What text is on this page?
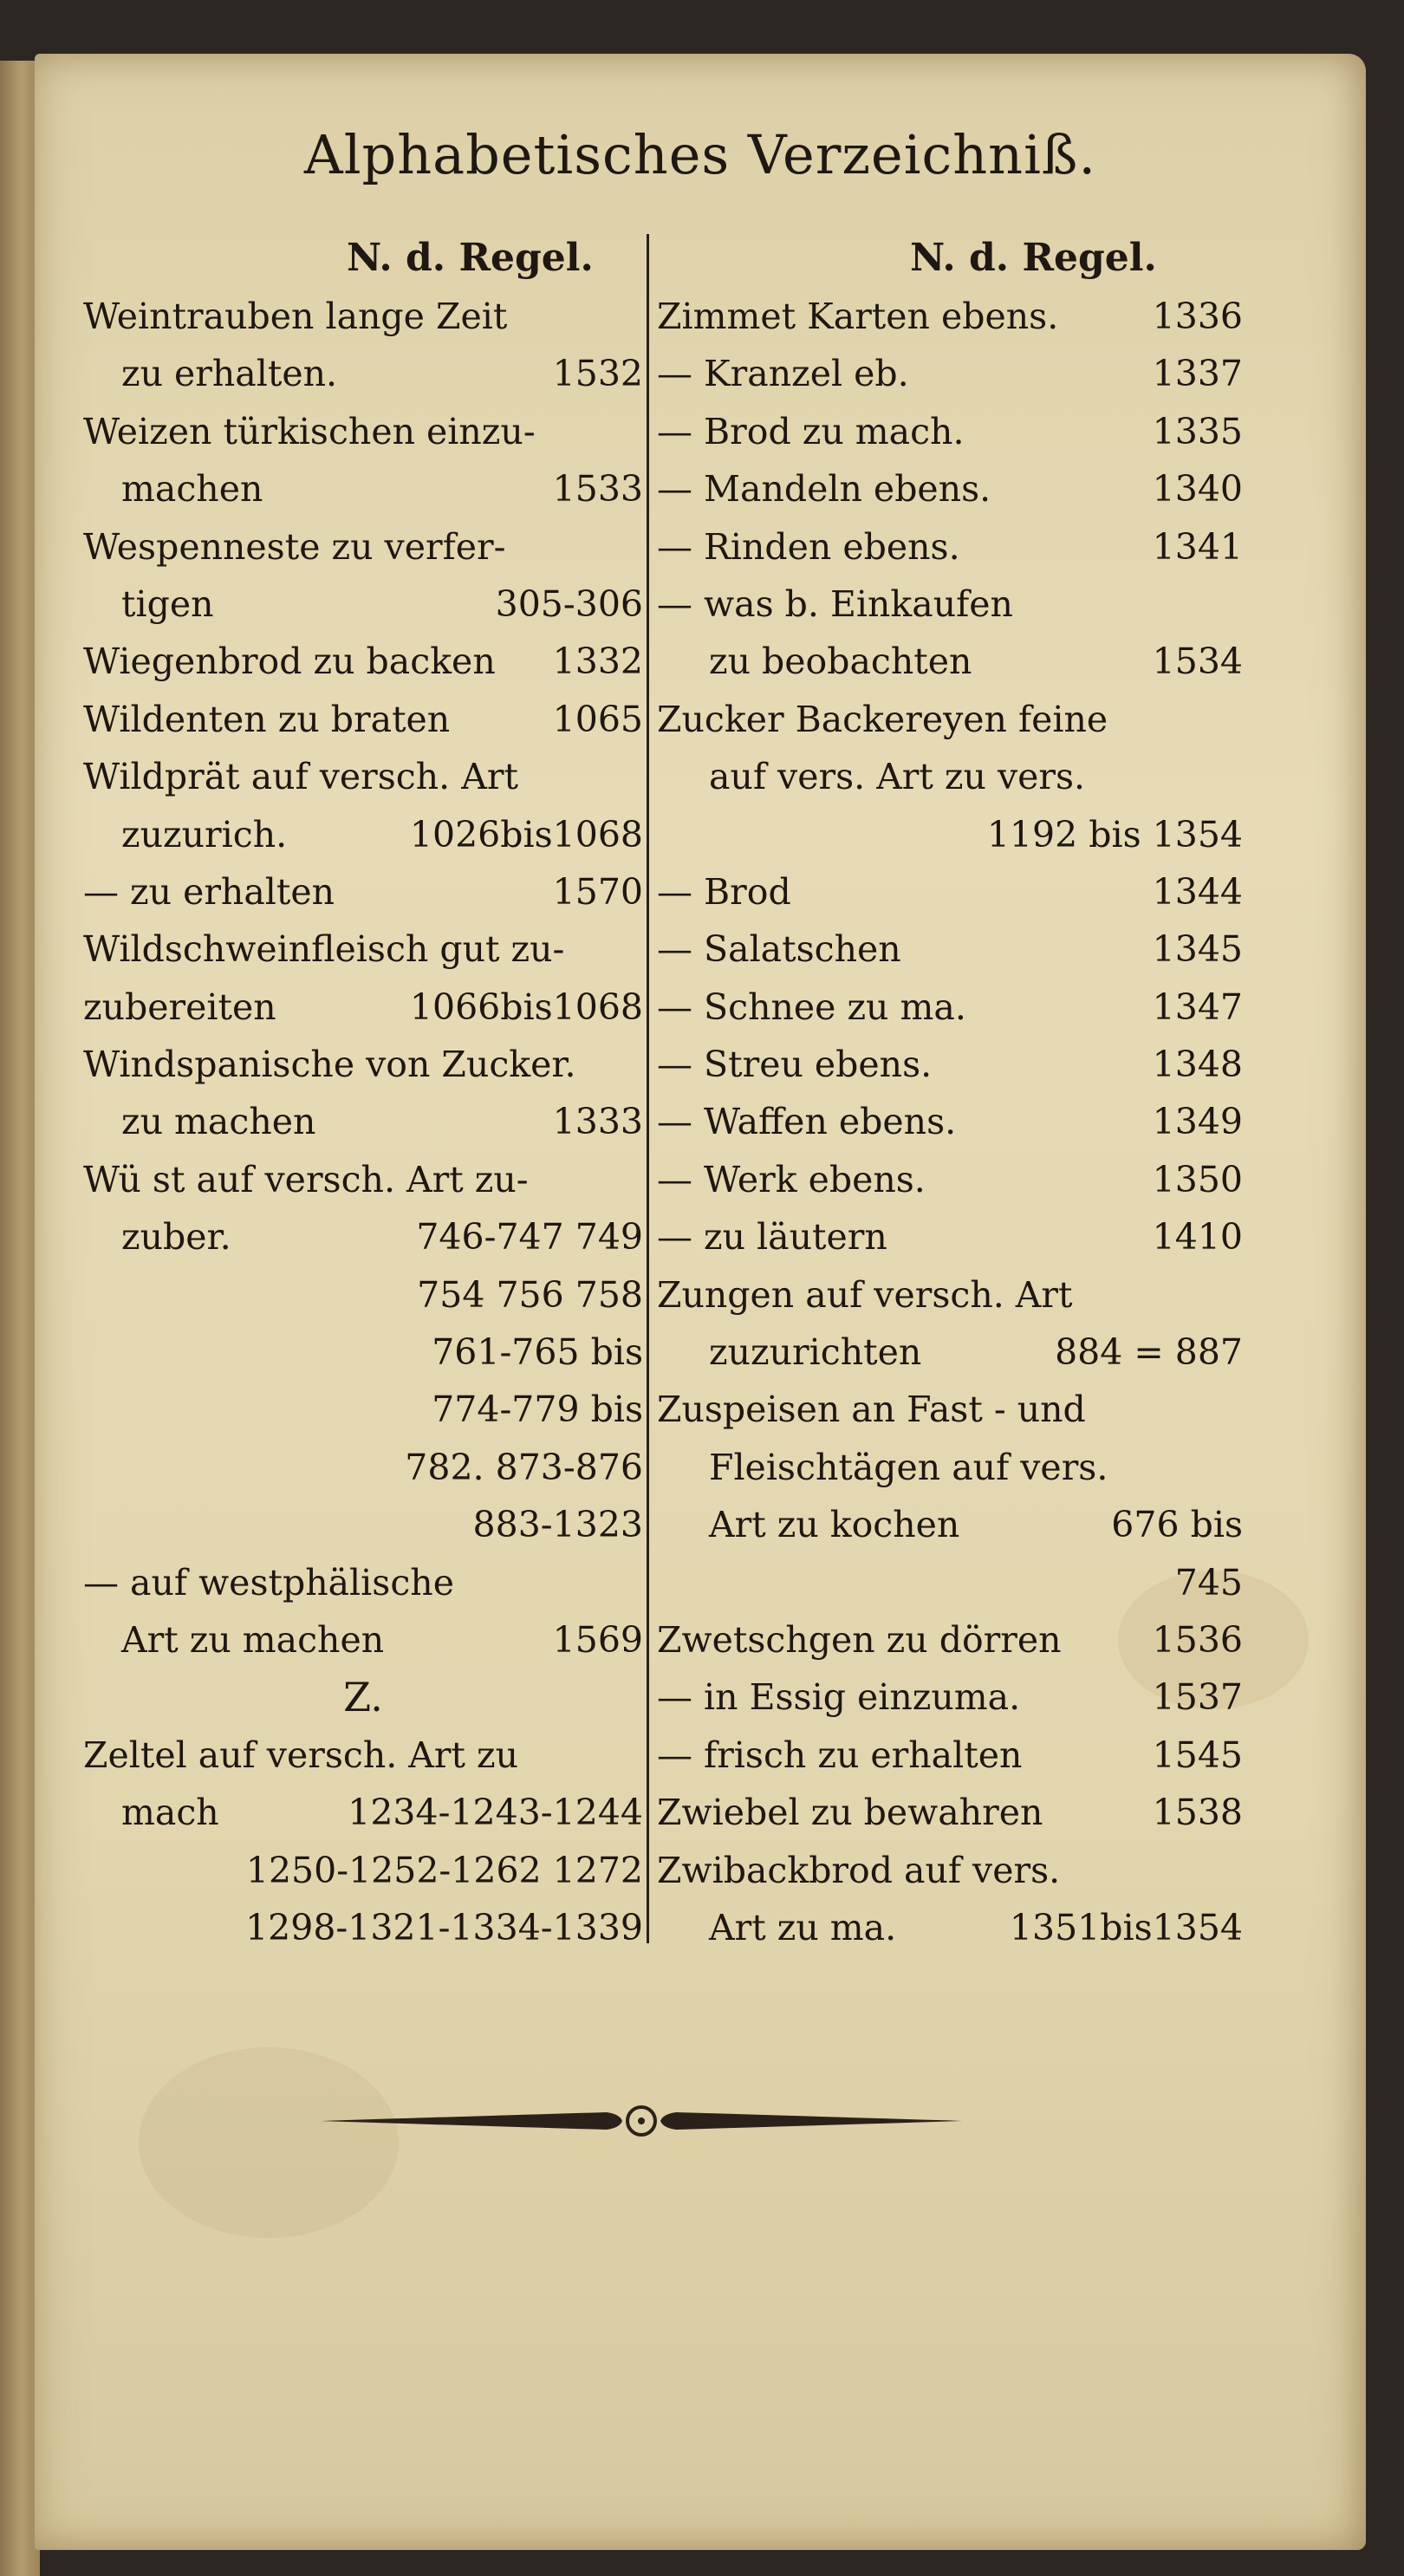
Alphabetisches Verzeichniß.
N. d. Regel.	N. d. Regel.
Weintrauben lange Zeit
zu erhalten.	1532
Weizen türkischen einzu-
machen	1533
Wespenneste zu verfer-
tigen	305-306
Wiegenbrod zu backen 1332
Wildenten zu braten	1065
Wildprät auf versch. Art
zuzurich.	1026bis1068
— zu erhalten	1570
Wildschweinfleisch gut zu-
zubereiten	1066bis1068
Windspanische von Zucker.
zu machen	1333
Wü st auf versch. Art zu-
zuber.	746-747 749
754 756 758
761-765 bis
774-779 bis
782. 873-876
883-1323
— auf westphälische
Art zu machen	1569
Z.
Zeltel auf versch. Art zu
mach	1234-1243-1244
1250-1252-1262 1272
1298-1321-1334-1339
Zimmet Karten ebens.	1336
— Kranzel eb.	1337
— Brod zu mach.	1335
— Mandeln ebens.	1340
— Rinden ebens.	1341
— was b. Einkaufen
zu beobachten	1534
Zucker Backereyen feine
auf vers. Art zu vers.
1192 bis 1354
— Brod	1344
— Salatschen	1345
— Schnee zu ma.	1347
— Streu ebens.	1348
— Waffen ebens.	1349
— Werk ebens.	1350
— zu läutern	1410
Zungen auf versch. Art
zuzurichten	884 = 887
Zuspeisen an Fast - und
Fleischtägen auf vers.
Art zu kochen	676 bis
745
Zwetschgen zu dörren	1536
— in Essig einzuma.	1537
— frisch zu erhalten	1545
Zwiebel zu bewahren	1538
Zwibackbrod auf vers.
Art zu ma.	1351bis1354
